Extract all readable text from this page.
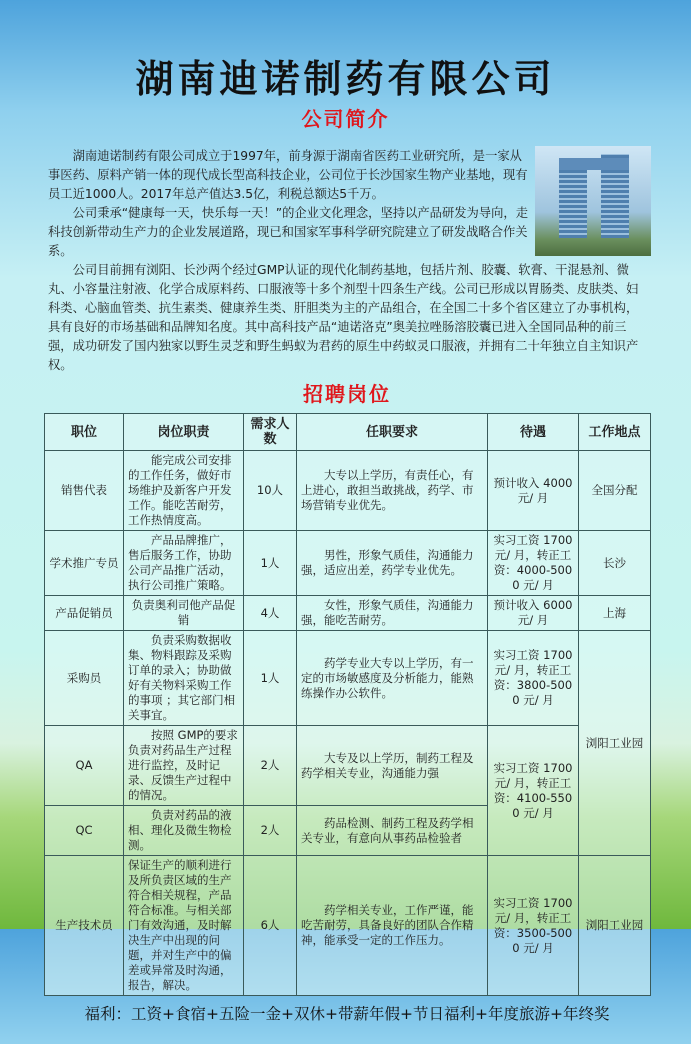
湖南迪诺制药有限公司
公司简介

湖南迪诺制药有限公司成立于1997年，前身源于湖南省医药工业研究所，是一家从事医药、原料产销一体的现代成长型高科技企业，公司位于长沙国家生物产业基地，现有员工近1000人。2017年总产值达3.5亿，利税总额达5千万。

公司秉承“健康每一天，快乐每一天！”的企业文化理念，坚持以产品研发为导向，走科技创新带动生产力的企业发展道路，现已和国家军事科学研究院建立了研发战略合作关系。

公司目前拥有浏阳、长沙两个经过GMP认证的现代化制药基地，包括片剂、胶囊、软膏、干混悬剂、微丸、小容量注射液、化学合成原料药、口服液等十多个剂型十四条生产线。公司已形成以胃肠类、皮肤类、妇科类、心脑血管类、抗生素类、健康养生类、肝胆类为主的产品组合，在全国二十多个省区建立了办事机构，具有良好的市场基础和品牌知名度。其中高科技产品“迪诺洛克”奥美拉唑肠溶胶囊已进入全国同品种的前三强，成功研发了国内独家以野生灵芝和野生蚂蚁为君药的原生中药蚁灵口服液，并拥有二十年独立自主知识产权。

招聘岗位
职位	岗位职责	需求人数	任职要求	待遇	工作地点
销售代表	能完成公司安排的工作任务，做好市场维护及新客户开发工作。能吃苦耐劳，工作热情度高。	10人	大专以上学历，有责任心，有上进心，敢担当敢挑战，药学、市场营销专业优先。	预计收入 4000 元/ 月	全国分配
学术推广专员	产品品牌推广，售后服务工作，协助公司产品推广活动，执行公司推广策略。	1人	男性，形象气质佳，沟通能力强，适应出差，药学专业优先。	实习工资 1700 元/ 月，转正工资：4000-5000 元/ 月	长沙
产品促销员	负责奥利司他产品促销	4人	女性，形象气质佳，沟通能力强，能吃苦耐劳。	预计收入 6000 元/ 月	上海
采购员	负责采购数据收集、物料跟踪及采购订单的录入；协助做好有关物料采购工作的事项 ；其它部门相关事宜。	1人	药学专业大专以上学历，有一定的市场敏感度及分析能力，能熟练操作办公软件。	实习工资 1700 元/ 月，转正工资：3800-5000 元/ 月	浏阳工业园
QA	按照 GMP的要求负责对药品生产过程进行监控，及时记录、反馈生产过程中的情况。	2人	大专及以上学历，制药工程及药学相关专业，沟通能力强	实习工资 1700 元/ 月，转正工资：4100-5500 元/ 月	
QC	负责对药品的液相、理化及微生物检测。	2人	药品检测、制药工程及药学相关专业，有意向从事药品检验者		
生产技术员	保证生产的顺利进行及所负责区域的生产符合相关规程，产品符合标准。与相关部门有效沟通，及时解决生产中出现的问题，并对生产中的偏差或异常及时沟通，报告，解决。	6人	药学相关专业，工作严谨，能吃苦耐劳，具备良好的团队合作精神，能承受一定的工作压力。	实习工资 1700 元/ 月，转正工资：3500-5000 元/ 月	浏阳工业园
福利：工资+食宿+五险一金+双休+带薪年假+节日福利+年度旅游+年终奖
